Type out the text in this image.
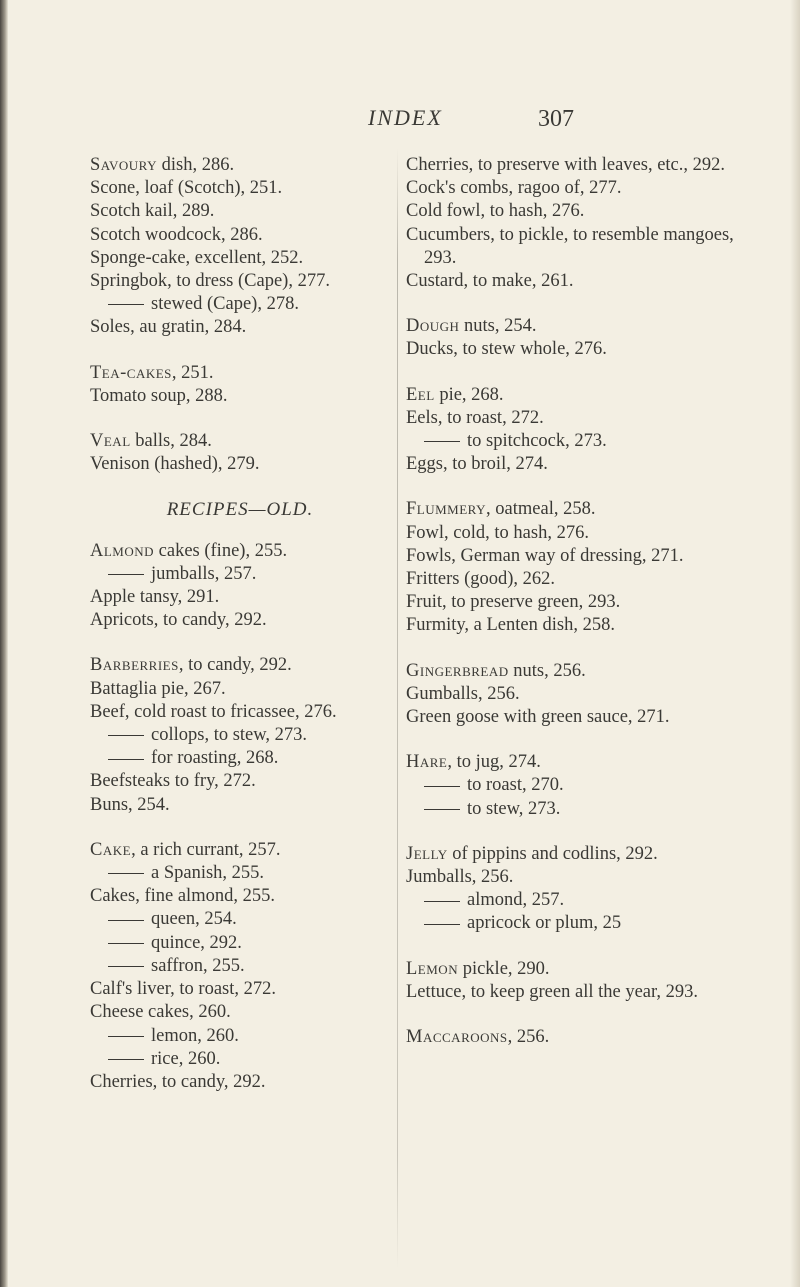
INDEX	307
Savoury dish, 286.
Scone, loaf (Scotch), 251.
Scotch kail, 289.
Scotch woodcock, 286.
Sponge-cake, excellent, 252.
Springbok, to dress (Cape), 277.
stewed (Cape), 278.
Soles, au gratin, 284.
Tea-cakes, 251.
Tomato soup, 288.
Veal balls, 284.
Venison (hashed), 279.
RECIPES—OLD.
Almond cakes (fine), 255.
jumballs, 257.
Apple tansy, 291.
Apricots, to candy, 292.
Barberries, to candy, 292.
Battaglia pie, 267.
Beef, cold roast to fricassee, 276.
collops, to stew, 273.
for roasting, 268.
Beefsteaks to fry, 272.
Buns, 254.
Cake, a rich currant, 257.
a Spanish, 255.
Cakes, fine almond, 255.
queen, 254.
quince, 292.
saffron, 255.
Calf's liver, to roast, 272.
Cheese cakes, 260.
lemon, 260.
rice, 260.
Cherries, to candy, 292.
Cherries, to preserve with leaves, etc., 292.
Cock's combs, ragoo of, 277.
Cold fowl, to hash, 276.
Cucumbers, to pickle, to resemble mangoes, 293.
Custard, to make, 261.
Dough nuts, 254.
Ducks, to stew whole, 276.
Eel pie, 268.
Eels, to roast, 272.
to spitchcock, 273.
Eggs, to broil, 274.
Flummery, oatmeal, 258.
Fowl, cold, to hash, 276.
Fowls, German way of dressing, 271.
Fritters (good), 262.
Fruit, to preserve green, 293.
Furmity, a Lenten dish, 258.
Gingerbread nuts, 256.
Gumballs, 256.
Green goose with green sauce, 271.
Hare, to jug, 274.
to roast, 270.
to stew, 273.
Jelly of pippins and codlins, 292.
Jumballs, 256.
almond, 257.
apricock or plum, 25
Lemon pickle, 290.
Lettuce, to keep green all the year, 293.
Maccaroons, 256.
